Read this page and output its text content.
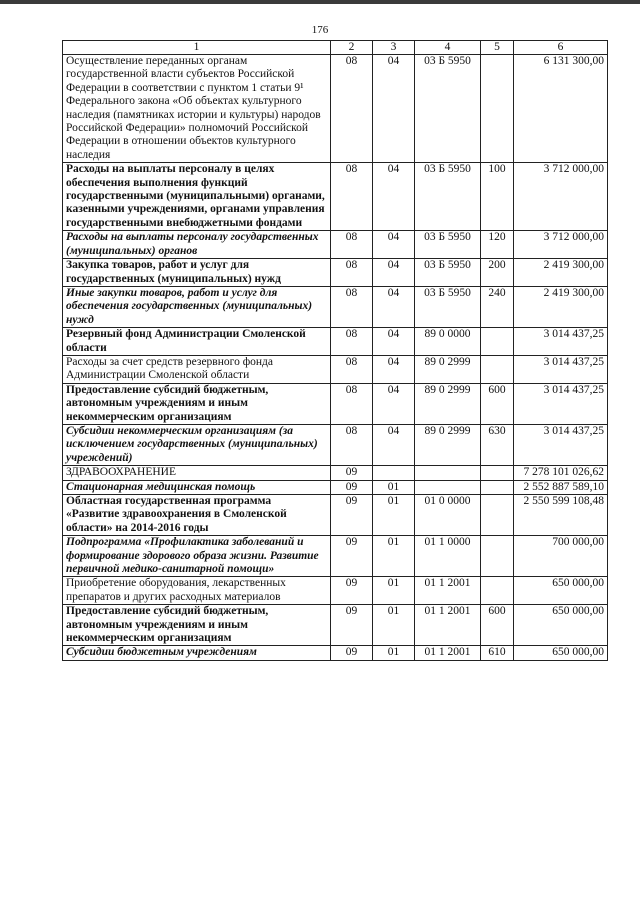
176
1	2	3	4	5	6
Осуществление переданных органам государственной власти субъектов Российской Федерации в соответствии с пунктом 1 статьи 9¹ Федерального закона «Об объектах культурного наследия (памятниках истории и культуры) народов Российской Федерации» полномочий Российской Федерации в отношении объектов культурного наследия	08	04	03 Б 5950		6 131 300,00
Расходы на выплаты персоналу в целях обеспечения выполнения функций государственными (муниципальными) органами, казенными учреждениями, органами управления государственными внебюджетными фондами	08	04	03 Б 5950	100	3 712 000,00
Расходы на выплаты персоналу государственных (муниципальных) органов	08	04	03 Б 5950	120	3 712 000,00
Закупка товаров, работ и услуг для государственных (муниципальных) нужд	08	04	03 Б 5950	200	2 419 300,00
Иные закупки товаров, работ и услуг для обеспечения государственных (муниципальных) нужд	08	04	03 Б 5950	240	2 419 300,00
Резервный фонд Администрации Смоленской области	08	04	89 0 0000		3 014 437,25
Расходы за счет средств резервного фонда Администрации Смоленской области	08	04	89 0 2999		3 014 437,25
Предоставление субсидий бюджетным, автономным учреждениям и иным некоммерческим организациям	08	04	89 0 2999	600	3 014 437,25
Субсидии некоммерческим организациям (за исключением государственных (муниципальных) учреждений)	08	04	89 0 2999	630	3 014 437,25
ЗДРАВООХРАНЕНИЕ	09				7 278 101 026,62
Стационарная медицинская помощь	09	01			2 552 887 589,10
Областная государственная программа «Развитие здравоохранения в Смоленской области» на 2014-2016 годы	09	01	01 0 0000		2 550 599 108,48
Подпрограмма «Профилактика заболеваний и формирование здорового образа жизни. Развитие первичной медико-санитарной помощи»	09	01	01 1 0000		700 000,00
Приобретение оборудования, лекарственных препаратов и других расходных материалов	09	01	01 1 2001		650 000,00
Предоставление субсидий бюджетным, автономным учреждениям и иным некоммерческим организациям	09	01	01 1 2001	600	650 000,00
Субсидии бюджетным учреждениям	09	01	01 1 2001	610	650 000,00
